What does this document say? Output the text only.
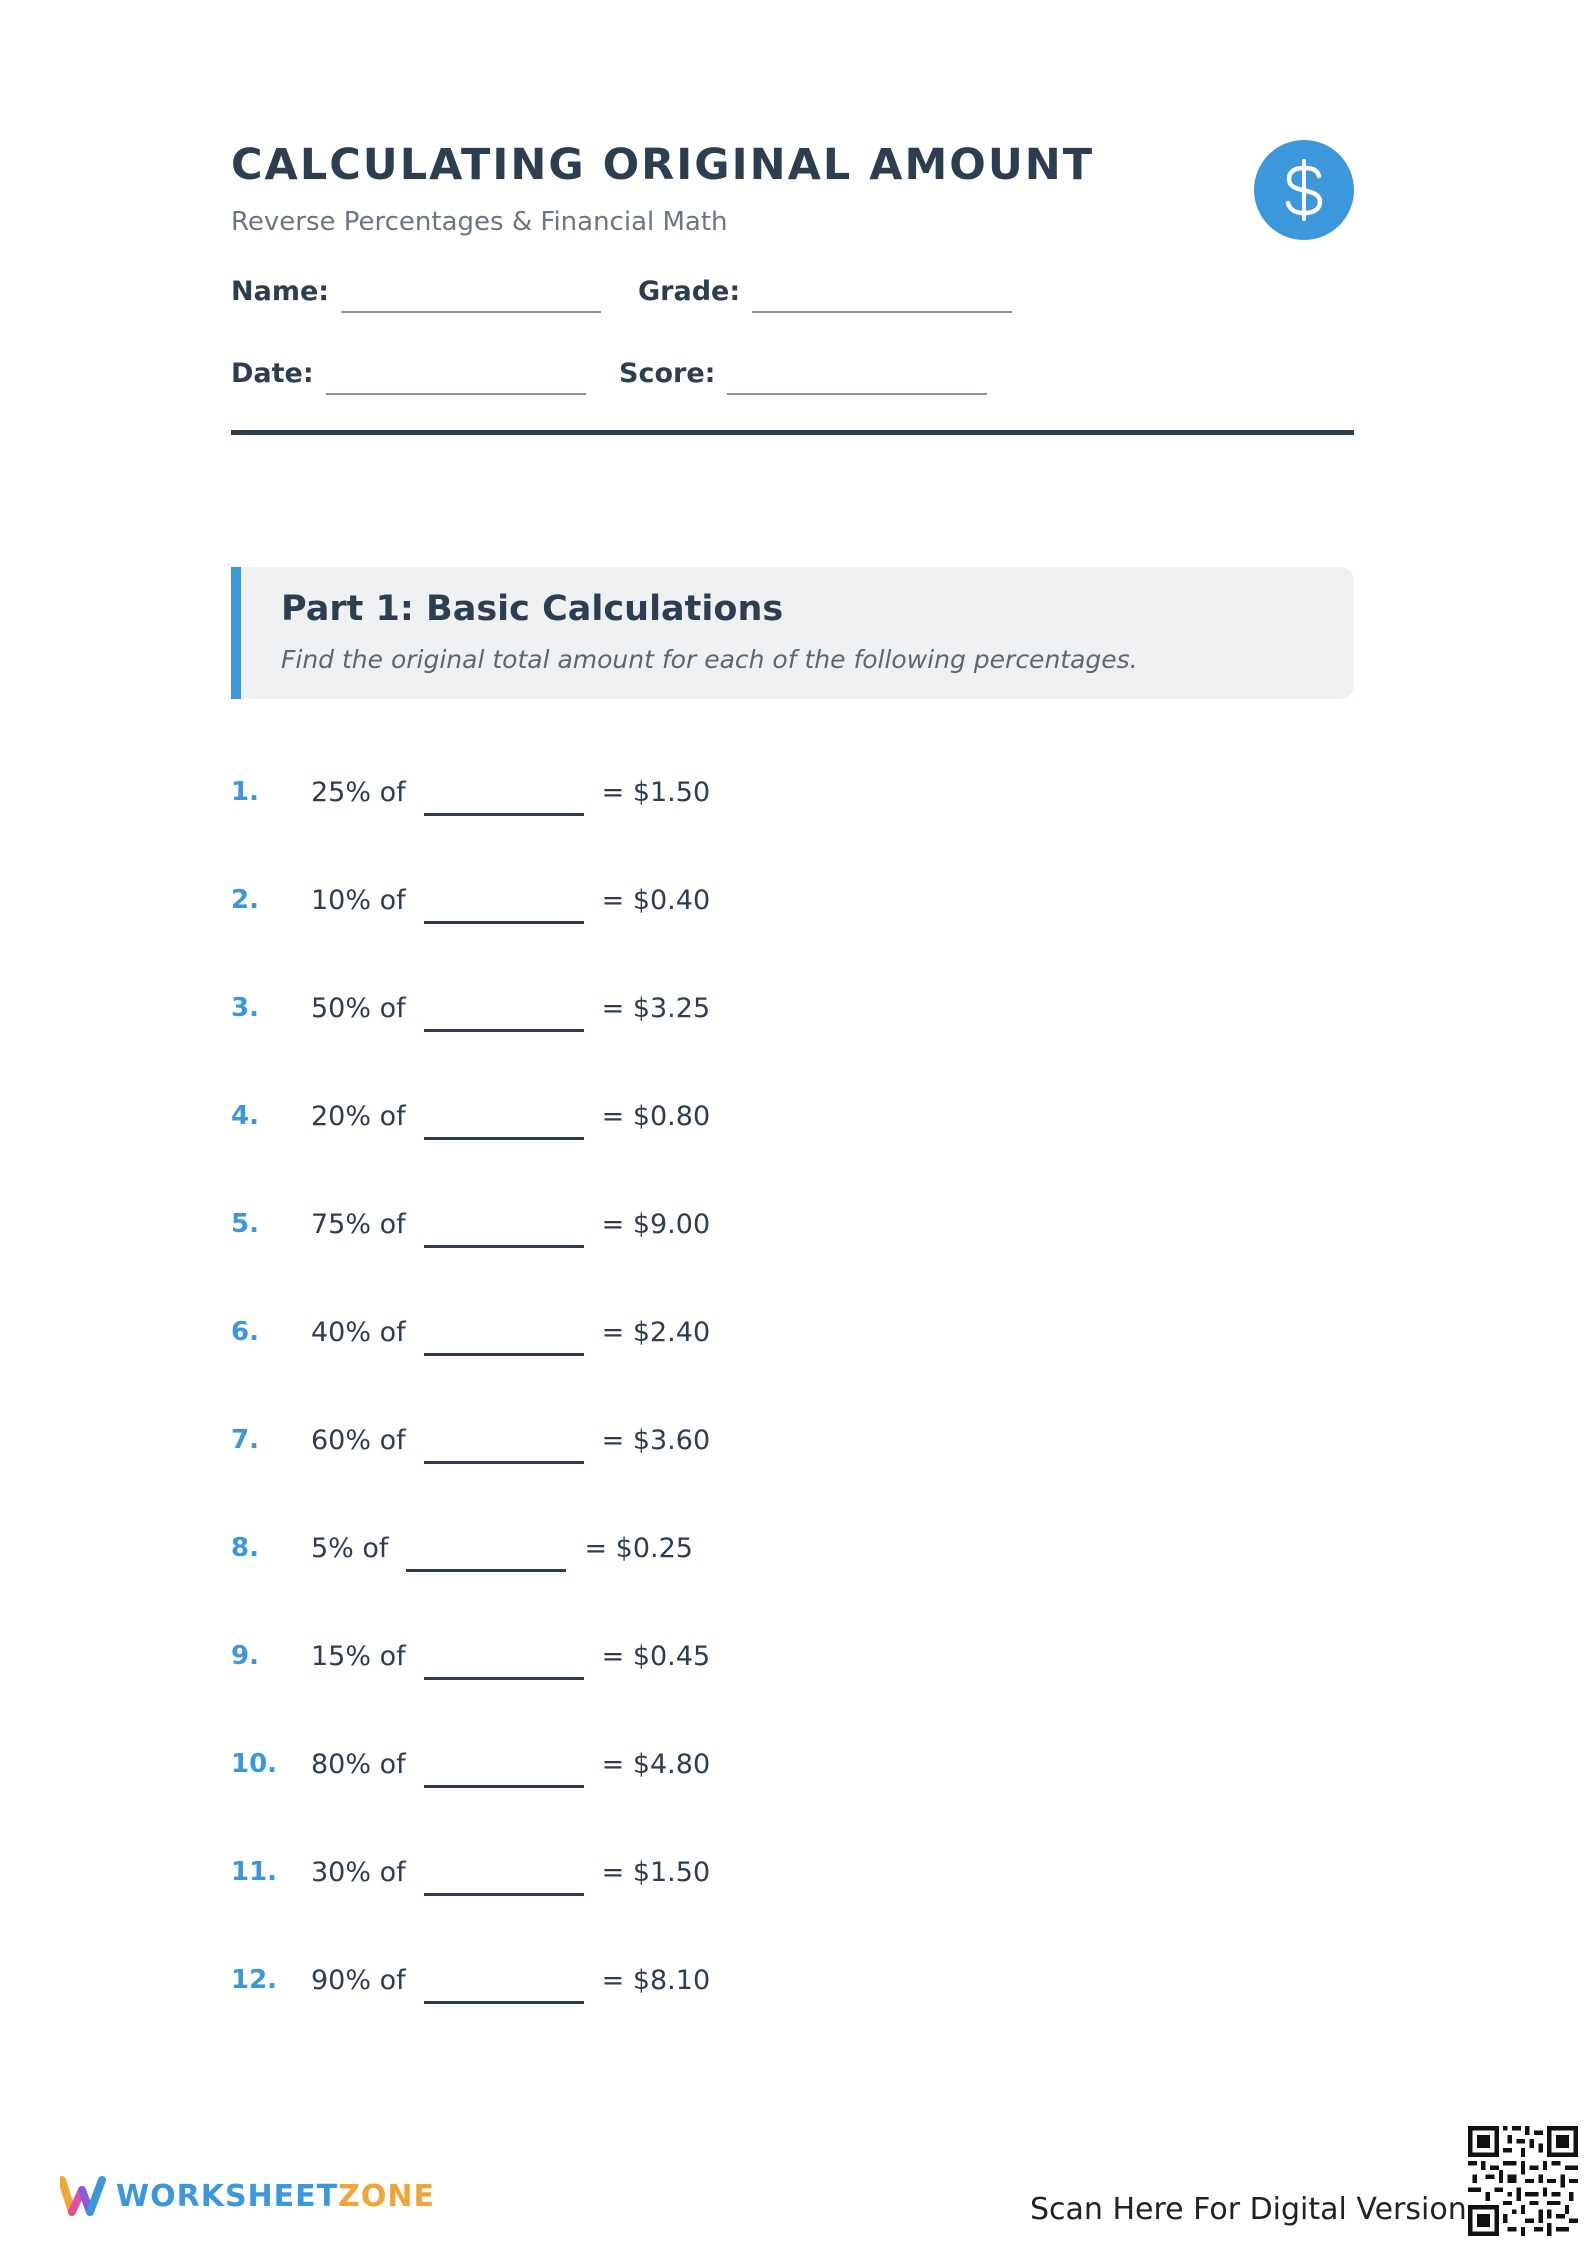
CALCULATING ORIGINAL AMOUNT
Reverse Percentages & Financial Math
Name:	Grade:
Date:	Score:
Part 1: Basic Calculations
Find the original total amount for each of the following percentages.
1.	25% of	= $1.50
2.	10% of	= $0.40
3.	50% of	= $3.25
4.	20% of	= $0.80
5.	75% of	= $9.00
6.	40% of	= $2.40
7.	60% of	= $3.60
8.	5% of	= $0.25
9.	15% of	= $0.45
10.	80% of	= $4.80
11.	30% of	= $1.50
12.	90% of	= $8.10
WORKSHEETZONE	Scan Here For Digital Version
